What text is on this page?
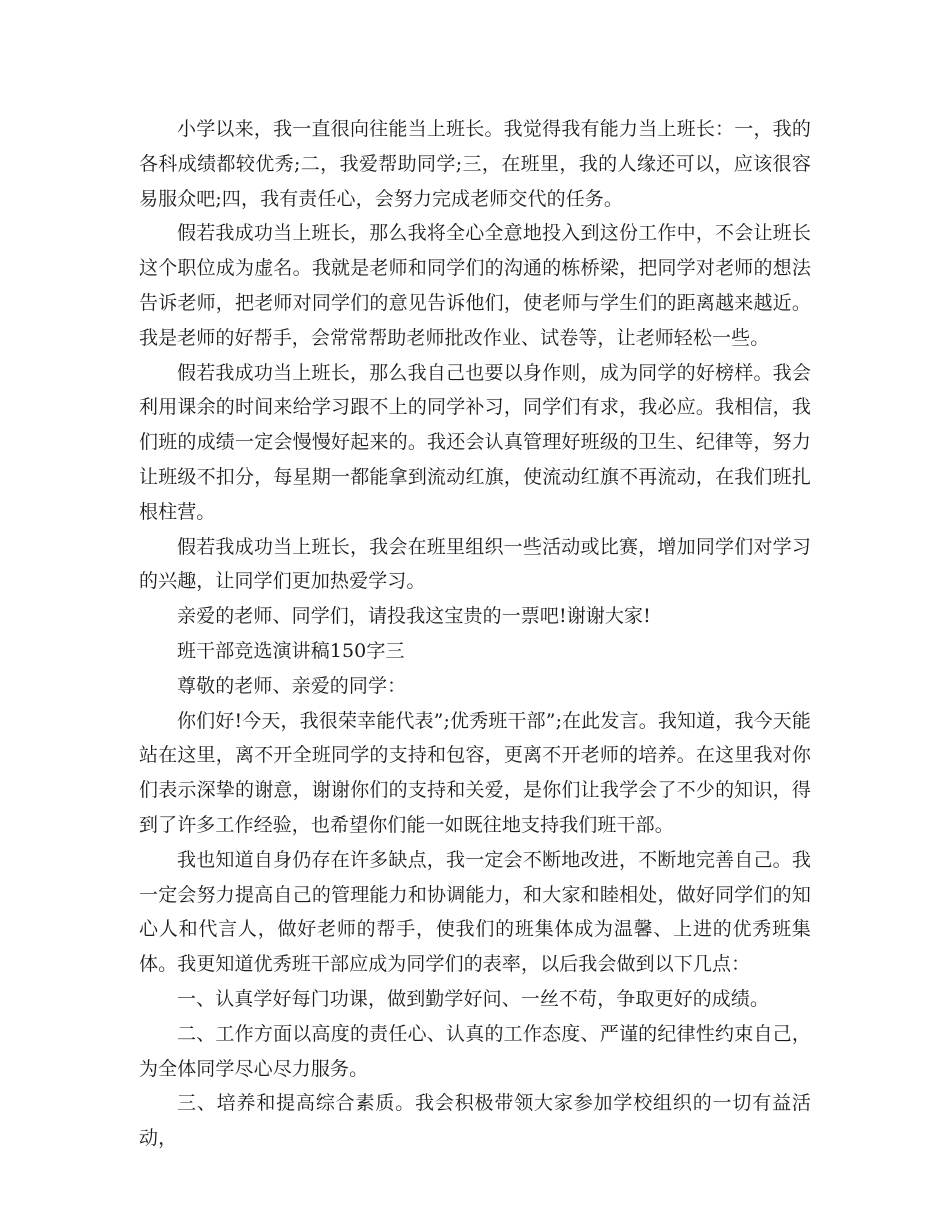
小学以来，我一直很向往能当上班长。我觉得我有能力当上班长：一，我的各科成绩都较优秀;二，我爱帮助同学;三，在班里，我的人缘还可以，应该很容易服众吧;四，我有责任心，会努力完成老师交代的任务。

假若我成功当上班长，那么我将全心全意地投入到这份工作中，不会让班长这个职位成为虚名。我就是老师和同学们的沟通的栋桥梁，把同学对老师的想法告诉老师，把老师对同学们的意见告诉他们，使老师与学生们的距离越来越近。我是老师的好帮手，会常常帮助老师批改作业、试卷等，让老师轻松一些。

假若我成功当上班长，那么我自己也要以身作则，成为同学的好榜样。我会利用课余的时间来给学习跟不上的同学补习，同学们有求，我必应。我相信，我们班的成绩一定会慢慢好起来的。我还会认真管理好班级的卫生、纪律等，努力让班级不扣分，每星期一都能拿到流动红旗，使流动红旗不再流动，在我们班扎根柱营。

假若我成功当上班长，我会在班里组织一些活动或比赛，增加同学们对学习的兴趣，让同学们更加热爱学习。

亲爱的老师、同学们，请投我这宝贵的一票吧!谢谢大家!

班干部竞选演讲稿150字三

尊敬的老师、亲爱的同学：

你们好!今天，我很荣幸能代表”;优秀班干部”;在此发言。我知道，我今天能站在这里，离不开全班同学的支持和包容，更离不开老师的培养。在这里我对你们表示深挚的谢意，谢谢你们的支持和关爱，是你们让我学会了不少的知识，得到了许多工作经验，也希望你们能一如既往地支持我们班干部。

我也知道自身仍存在许多缺点，我一定会不断地改进，不断地完善自己。我一定会努力提高自己的管理能力和协调能力，和大家和睦相处，做好同学们的知心人和代言人，做好老师的帮手，使我们的班集体成为温馨、上进的优秀班集体。我更知道优秀班干部应成为同学们的表率，以后我会做到以下几点：

一、认真学好每门功课，做到勤学好问、一丝不苟，争取更好的成绩。

二、工作方面以高度的责任心、认真的工作态度、严谨的纪律性约束自己，为全体同学尽心尽力服务。

三、培养和提高综合素质。我会积极带领大家参加学校组织的一切有益活动，
